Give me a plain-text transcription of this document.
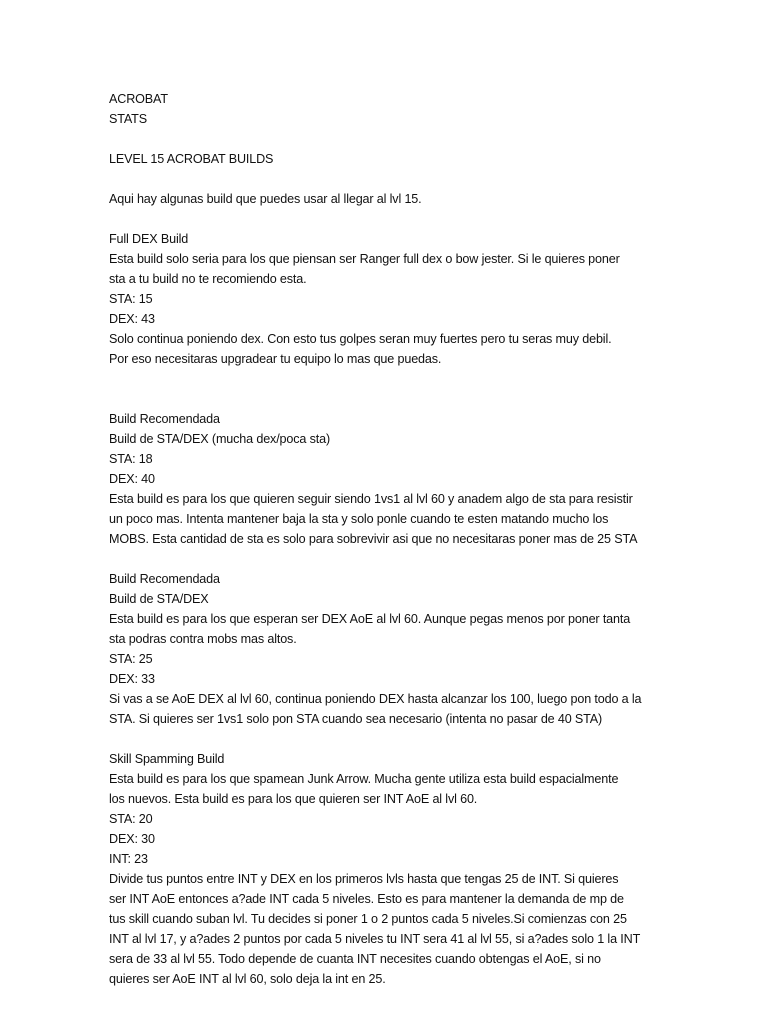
ACROBAT
STATS
LEVEL 15 ACROBAT BUILDS
Aqui hay algunas build que puedes usar al llegar al lvl 15.
Full DEX Build
Esta build solo seria para los que piensan ser Ranger full dex o bow jester. Si le quieres poner
sta a tu build no te recomiendo esta.
STA: 15
DEX: 43
Solo continua poniendo dex. Con esto tus golpes seran muy fuertes pero tu seras muy debil.
Por eso necesitaras upgradear tu equipo lo mas que puedas.
Build Recomendada
Build de STA/DEX (mucha dex/poca sta)
STA: 18
DEX: 40
Esta build es para los que quieren seguir siendo 1vs1 al lvl 60 y anadem algo de sta para resistir
un poco mas. Intenta mantener baja la sta y solo ponle cuando te esten matando mucho los
MOBS. Esta cantidad de sta es solo para sobrevivir asi que no necesitaras poner mas de 25 STA
Build Recomendada
Build de STA/DEX
Esta build es para los que esperan ser DEX AoE al lvl 60. Aunque pegas menos por poner tanta
sta podras contra mobs mas altos.
STA: 25
DEX: 33
Si vas a se AoE DEX al lvl 60, continua poniendo DEX hasta alcanzar los 100, luego pon todo a la
STA. Si quieres ser 1vs1 solo pon STA cuando sea necesario (intenta no pasar de 40 STA)
Skill Spamming Build
Esta build es para los que spamean Junk Arrow. Mucha gente utiliza esta build espacialmente
los nuevos. Esta build es para los que quieren ser INT AoE al lvl 60.
STA: 20
DEX: 30
INT: 23
Divide tus puntos entre INT y DEX en los primeros lvls hasta que tengas 25 de INT. Si quieres
ser INT AoE entonces a?ade INT cada 5 niveles. Esto es para mantener la demanda de mp de
tus skill cuando suban lvl. Tu decides si poner 1 o 2 puntos cada 5 niveles.Si comienzas con 25
INT al lvl 17, y a?ades 2 puntos por cada 5 niveles tu INT sera 41 al lvl 55, si a?ades solo 1 la INT
sera de 33 al lvl 55. Todo depende de cuanta INT necesites cuando obtengas el AoE, si no
quieres ser AoE INT al lvl 60, solo deja la int en 25.
